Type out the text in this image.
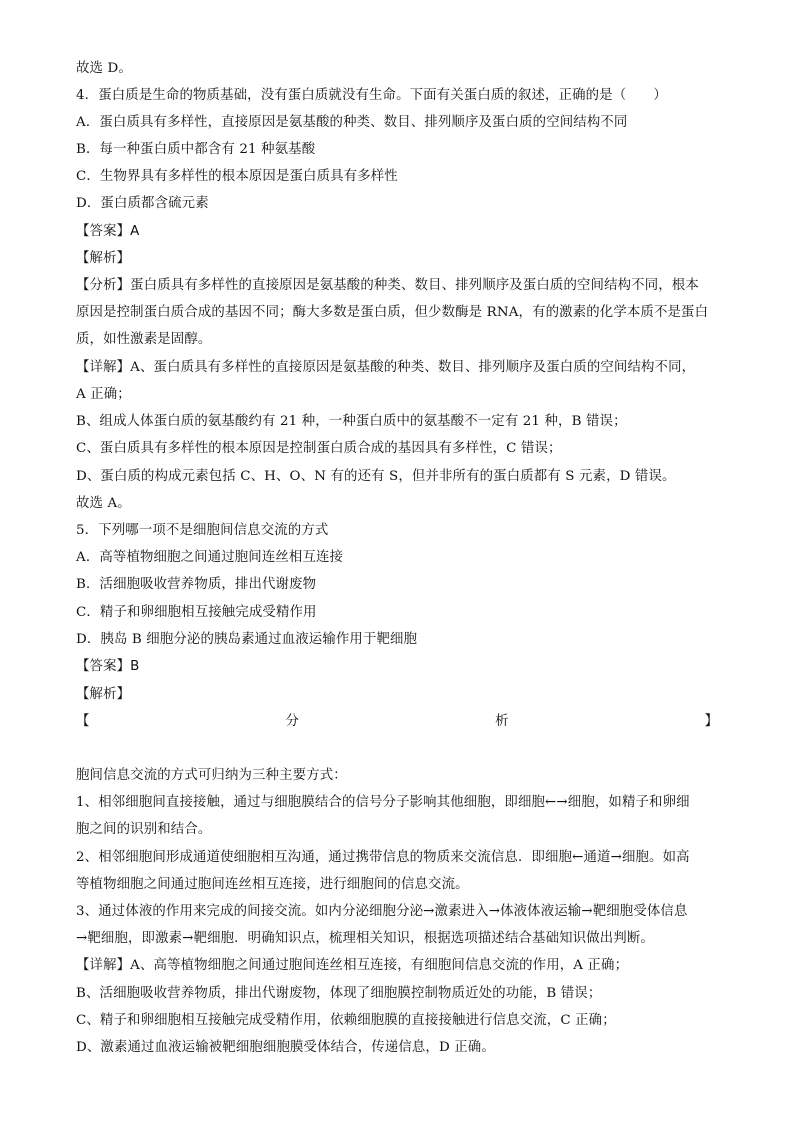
故选 D。
4．蛋白质是生命的物质基础，没有蛋白质就没有生命。下面有关蛋白质的叙述，正确的是（　　）
A．蛋白质具有多样性，直接原因是氨基酸的种类、数目、排列顺序及蛋白质的空间结构不同
B．每一种蛋白质中都含有 21 种氨基酸
C．生物界具有多样性的根本原因是蛋白质具有多样性
D．蛋白质都含硫元素
【答案】A
【解析】
【分析】蛋白质具有多样性的直接原因是氨基酸的种类、数目、排列顺序及蛋白质的空间结构不同，根本
原因是控制蛋白质合成的基因不同；酶大多数是蛋白质，但少数酶是 RNA，有的激素的化学本质不是蛋白
质，如性激素是固醇。
【详解】A、蛋白质具有多样性的直接原因是氨基酸的种类、数目、排列顺序及蛋白质的空间结构不同，
A 正确；
B、组成人体蛋白质的氨基酸约有 21 种，一种蛋白质中的氨基酸不一定有 21 种，B 错误；
C、蛋白质具有多样性的根本原因是控制蛋白质合成的基因具有多样性，C 错误；
D、蛋白质的构成元素包括 C、H、O、N 有的还有 S，但并非所有的蛋白质都有 S 元素，D 错误。
故选 A。
5．下列哪一项不是细胞间信息交流的方式
A．高等植物细胞之间通过胞间连丝相互连接
B．活细胞吸收营养物质，排出代谢废物
C．精子和卵细胞相互接触完成受精作用
D．胰岛 B 细胞分泌的胰岛素通过血液运输作用于靶细胞
【答案】B
【解析】
【	分	析	】
胞间信息交流的方式可归纳为三种主要方式：
1、相邻细胞间直接接触，通过与细胞膜结合的信号分子影响其他细胞，即细胞←→细胞，如精子和卵细
胞之间的识别和结合。
2、相邻细胞间形成通道使细胞相互沟通，通过携带信息的物质来交流信息．即细胞←通道→细胞。如高
等植物细胞之间通过胞间连丝相互连接，进行细胞间的信息交流。
3、通过体液的作用来完成的间接交流。如内分泌细胞分泌→激素进入→体液体液运输→靶细胞受体信息
→靶细胞，即激素→靶细胞．明确知识点，梳理相关知识，根据选项描述结合基础知识做出判断。
【详解】A、高等植物细胞之间通过胞间连丝相互连接，有细胞间信息交流的作用，A 正确；
B、活细胞吸收营养物质，排出代谢废物，体现了细胞膜控制物质近处的功能，B 错误；
C、精子和卵细胞相互接触完成受精作用，依赖细胞膜的直接接触进行信息交流，C 正确；
D、激素通过血液运输被靶细胞细胞膜受体结合，传递信息，D 正确。
